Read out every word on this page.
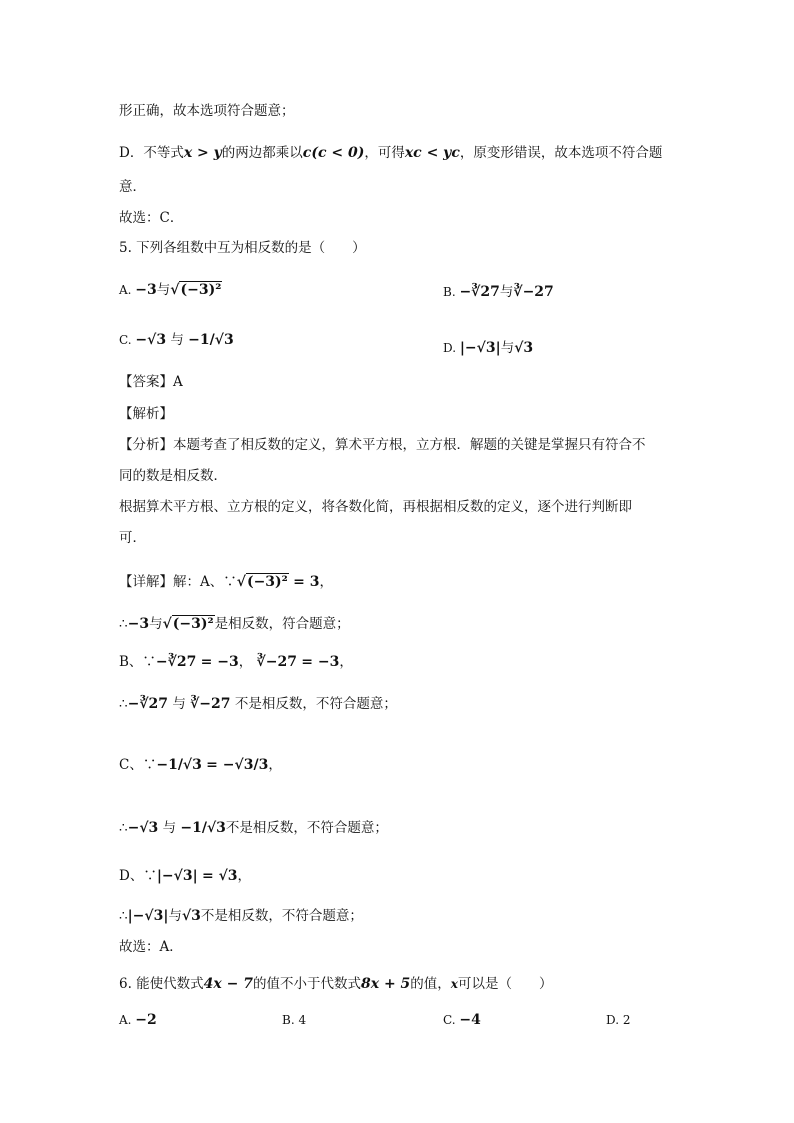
形正确，故本选项符合题意；
D．不等式x > y的两边都乘以c(c < 0)，可得xc < yc，原变形错误，故本选项不符合题
意．
故选：C．
5. 下列各组数中互为相反数的是（　　）
A. −3与√(−3)²	B. −∛27与∛−27
C. −√3 与 −1/√3	D. |−√3|与√3
【答案】A
【解析】
【分析】本题考查了相反数的定义，算术平方根，立方根．解题的关键是掌握只有符合不
同的数是相反数．
根据算术平方根、立方根的定义，将各数化简，再根据相反数的定义，逐个进行判断即
可．
【详解】解：A、∵√(−3)² = 3，
∴−3与√(−3)²是相反数，符合题意；
B、∵−∛27 = −3， ∛−27 = −3，
∴−∛27 与 ∛−27 不是相反数，不符合题意；
C、∵−1/√3 = −√3/3，
∴−√3 与 −1/√3不是相反数，不符合题意；
D、∵|−√3| = √3，
∴|−√3|与√3不是相反数，不符合题意；
故选：A．
6. 能使代数式4x − 7的值不小于代数式8x + 5的值，x可以是（　　）
A. −2	B. 4	C. −4	D. 2
